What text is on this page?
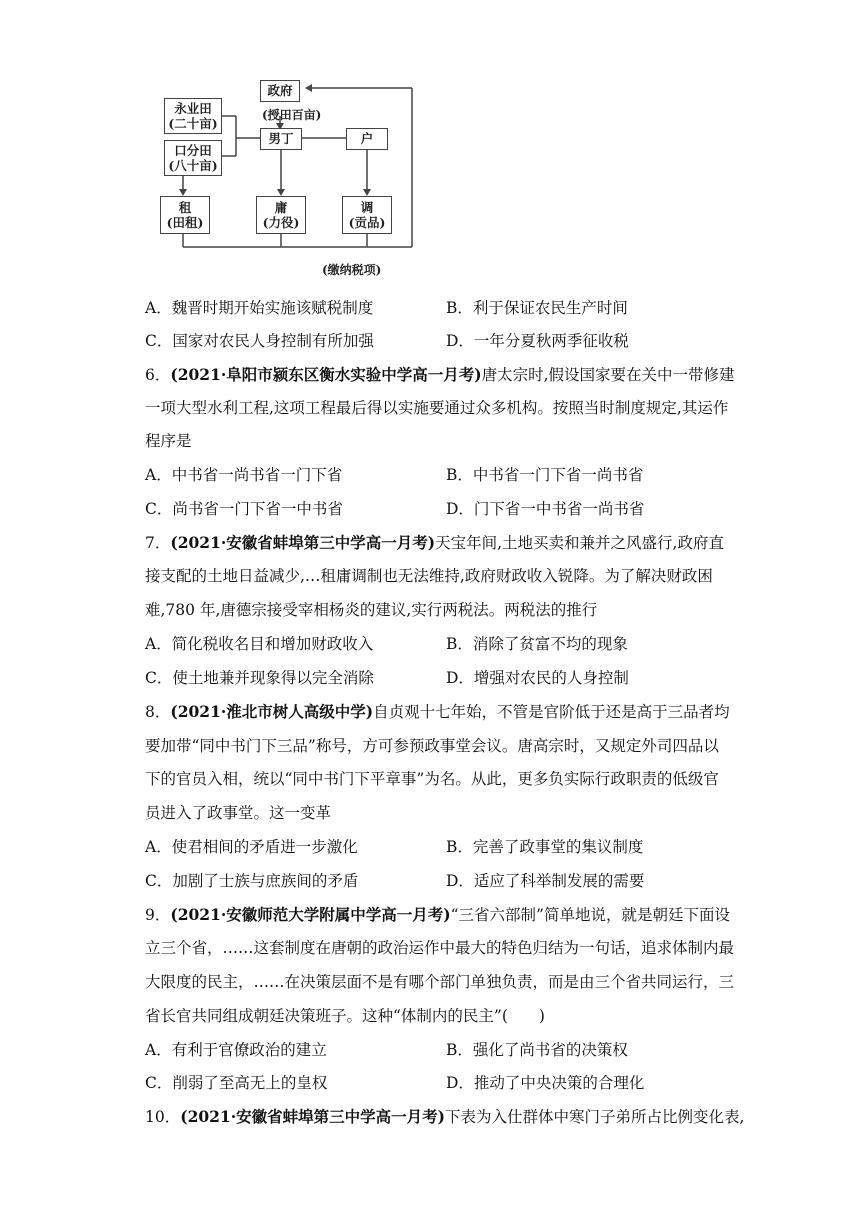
政府
(授田百亩)
永业田
(二十亩)
口分田
(八十亩)
男丁	户
租
(田租)
庸
(力役)
调
(贡品)
(缴纳税项)
A．魏晋时期开始实施该赋税制度	B．利于保证农民生产时间
C．国家对农民人身控制有所加强	D．一年分夏秋两季征收税
6．(2021·阜阳市颍东区衡水实验中学高一月考)唐太宗时,假设国家要在关中一带修建
一项大型水利工程,这项工程最后得以实施要通过众多机构。按照当时制度规定,其运作
程序是
A．中书省一尚书省一门下省	B．中书省一门下省一尚书省
C．尚书省一门下省一中书省	D．门下省一中书省一尚书省
7．(2021·安徽省蚌埠第三中学高一月考)天宝年间,土地买卖和兼并之风盛行,政府直
接支配的土地日益减少,…租庸调制也无法维持,政府财政收入锐降。为了解决财政困
难,780 年,唐德宗接受宰相杨炎的建议,实行两税法。两税法的推行
A．简化税收名目和增加财政收入	B．消除了贫富不均的现象
C．使土地兼并现象得以完全消除	D．增强对农民的人身控制
8．(2021·淮北市树人高级中学)自贞观十七年始，不管是官阶低于还是高于三品者均
要加带“同中书门下三品”称号，方可参预政事堂会议。唐高宗时，又规定外司四品以
下的官员入相，统以“同中书门下平章事”为名。从此，更多负实际行政职责的低级官
员进入了政事堂。这一变革
A．使君相间的矛盾进一步激化	B．完善了政事堂的集议制度
C．加剧了士族与庶族间的矛盾	D．适应了科举制发展的需要
9．(2021·安徽师范大学附属中学高一月考)“三省六部制”简单地说，就是朝廷下面设
立三个省，……这套制度在唐朝的政治运作中最大的特色归结为一句话，追求体制内最
大限度的民主，……在决策层面不是有哪个部门单独负责，而是由三个省共同运行，三
省长官共同组成朝廷决策班子。这种“体制内的民主”(　　)
A．有利于官僚政治的建立	B．强化了尚书省的决策权
C．削弱了至高无上的皇权	D．推动了中央决策的合理化
10．(2021·安徽省蚌埠第三中学高一月考)下表为入仕群体中寒门子弟所占比例变化表,
